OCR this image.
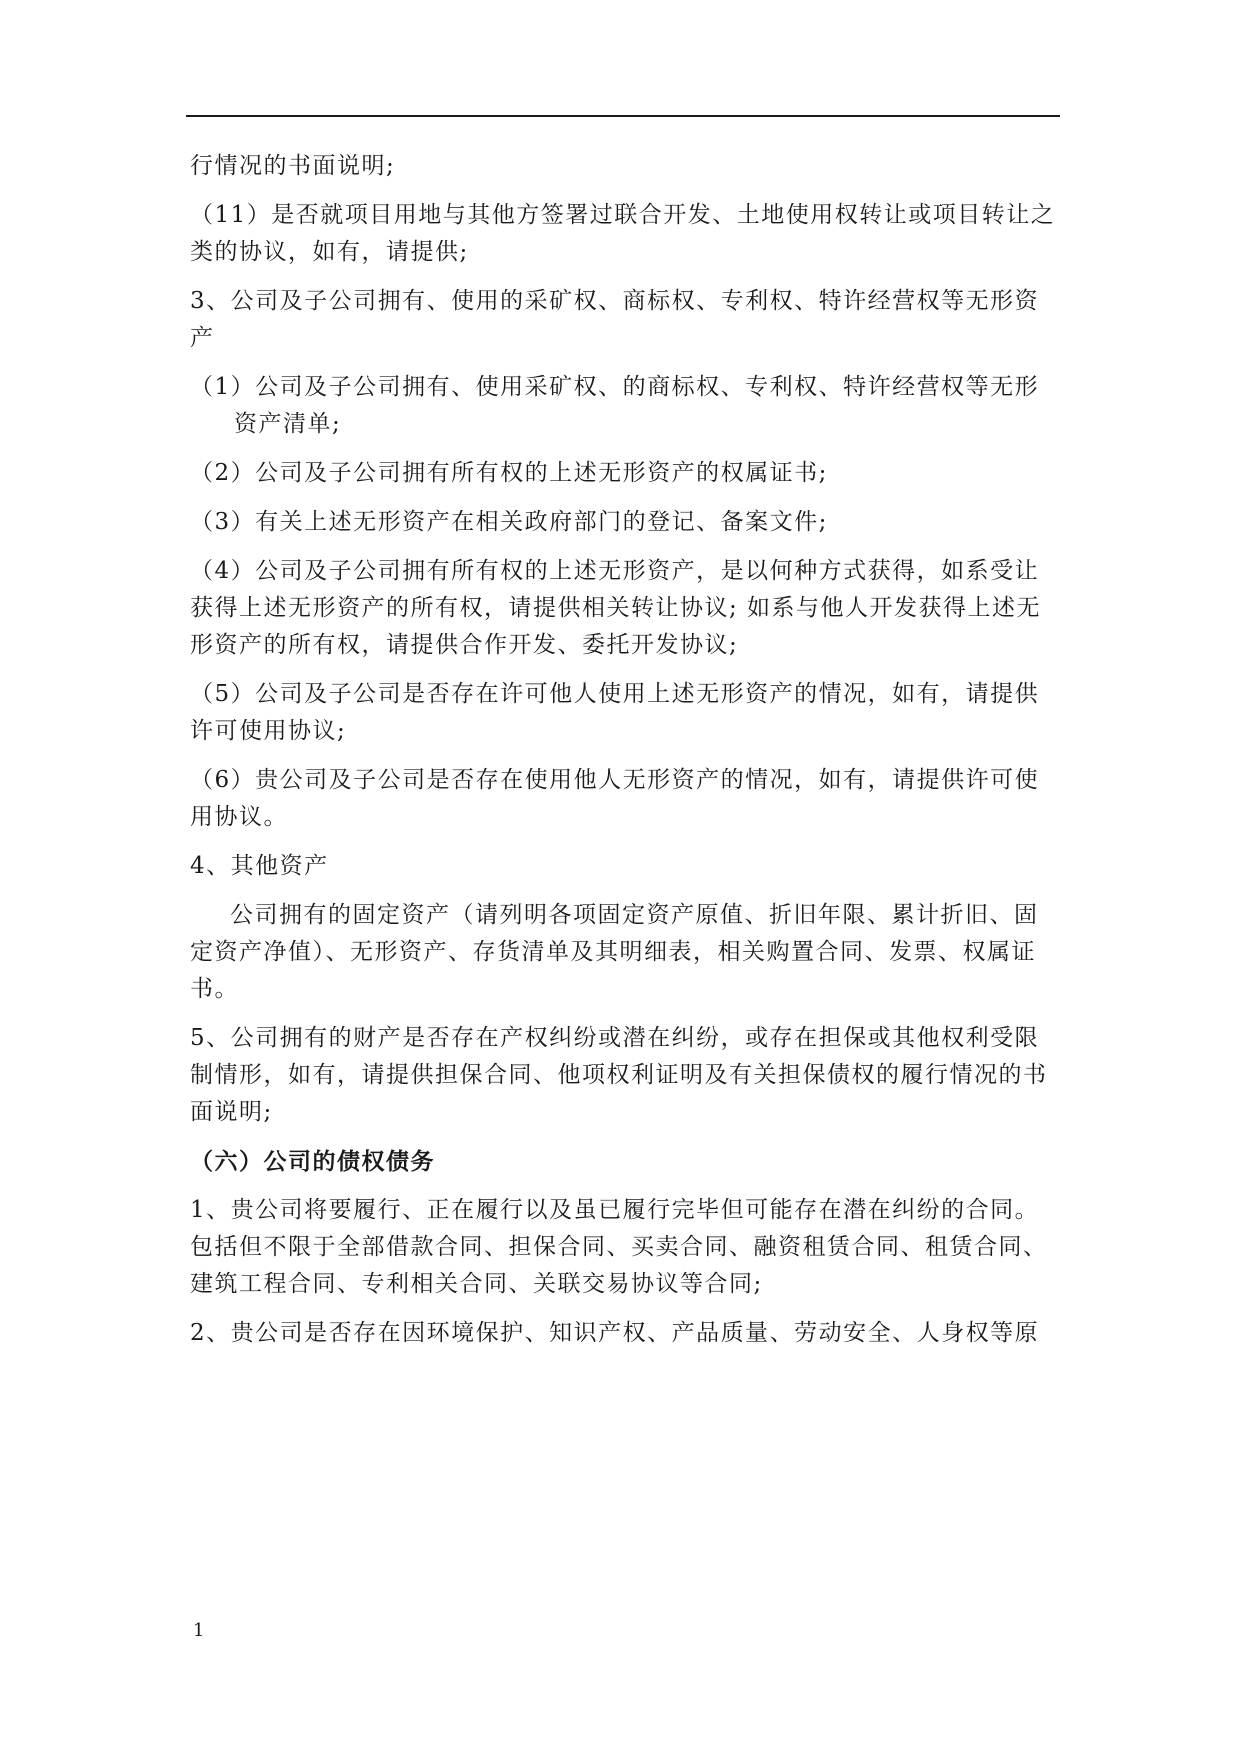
行情况的书面说明;

（11）是否就项目用地与其他方签署过联合开发、土地使用权转让或项目转让之类的协议，如有，请提供;

3、公司及子公司拥有、使用的采矿权、商标权、专利权、特许经营权等无形资产

（1）公司及子公司拥有、使用采矿权、的商标权、专利权、特许经营权等无形资产清单;

（2）公司及子公司拥有所有权的上述无形资产的权属证书;

（3）有关上述无形资产在相关政府部门的登记、备案文件;

（4）公司及子公司拥有所有权的上述无形资产，是以何种方式获得，如系受让获得上述无形资产的所有权，请提供相关转让协议; 如系与他人开发获得上述无形资产的所有权，请提供合作开发、委托开发协议;

（5）公司及子公司是否存在许可他人使用上述无形资产的情况，如有，请提供许可使用协议;

（6）贵公司及子公司是否存在使用他人无形资产的情况，如有，请提供许可使用协议。

4、其他资产

公司拥有的固定资产（请列明各项固定资产原值、折旧年限、累计折旧、固定资产净值）、无形资产、存货清单及其明细表，相关购置合同、发票、权属证书。

5、公司拥有的财产是否存在产权纠纷或潜在纠纷，或存在担保或其他权利受限制情形，如有，请提供担保合同、他项权利证明及有关担保债权的履行情况的书面说明;

（六）公司的债权债务

1、贵公司将要履行、正在履行以及虽已履行完毕但可能存在潜在纠纷的合同。包括但不限于全部借款合同、担保合同、买卖合同、融资租赁合同、租赁合同、建筑工程合同、专利相关合同、关联交易协议等合同;

2、贵公司是否存在因环境保护、知识产权、产品质量、劳动安全、人身权等原

1
